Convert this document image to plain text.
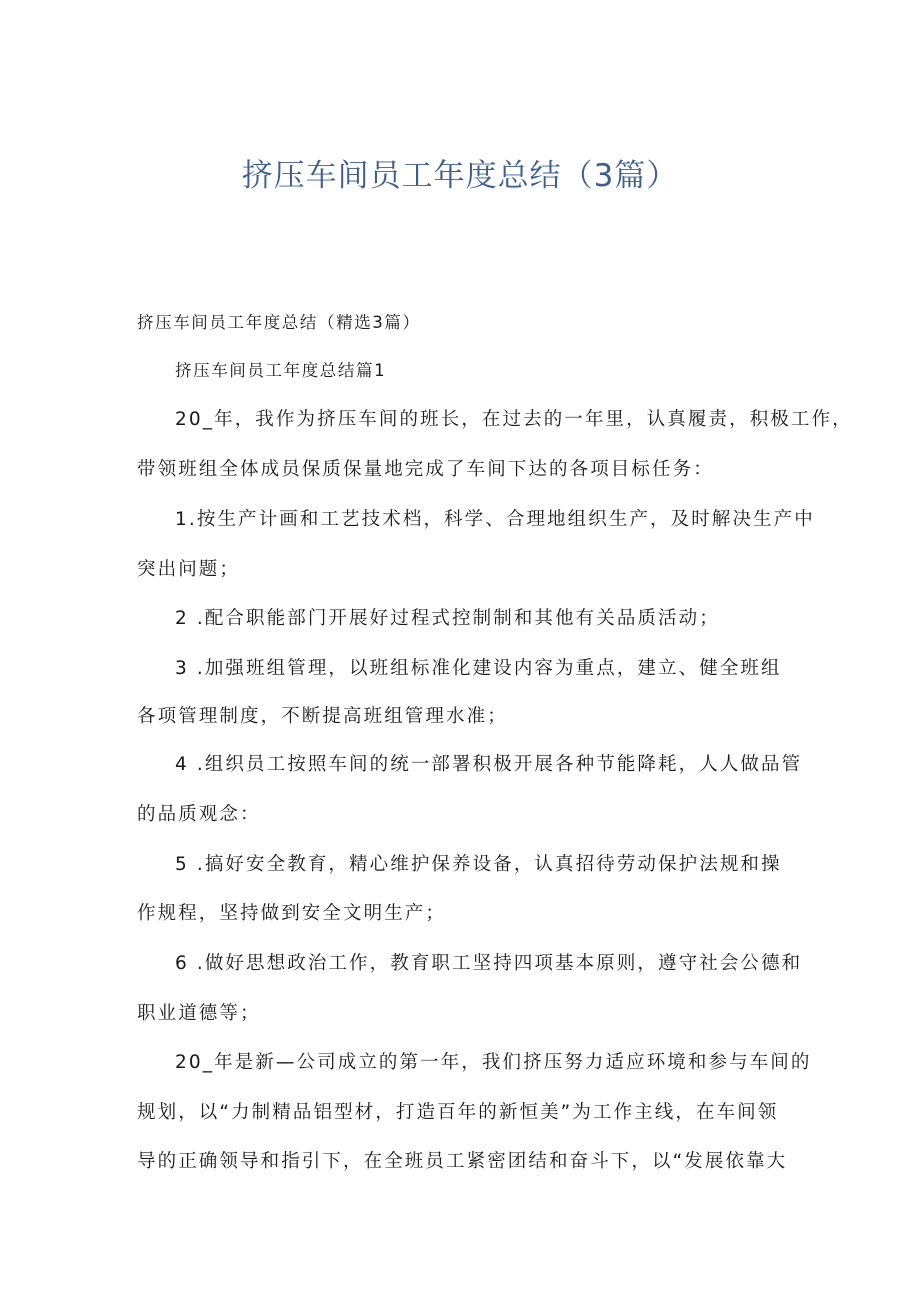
挤压车间员工年度总结（3篇）
挤压车间员工年度总结（精选3篇）
挤压车间员工年度总结篇1
20_年，我作为挤压车间的班长，在过去的一年里，认真履责，积极工作，
带领班组全体成员保质保量地完成了车间下达的各项目标任务：
1.按生产计画和工艺技术档，科学、合理地组织生产，及时解决生产中
突出问题；
2 .配合职能部门开展好过程式控制制和其他有关品质活动；
3 .加强班组管理，以班组标准化建设内容为重点，建立、健全班组
各项管理制度，不断提高班组管理水准；
4 .组织员工按照车间的统一部署积极开展各种节能降耗，人人做品管
的品质观念：
5 .搞好安全教育，精心维护保养设备，认真招待劳动保护法规和操
作规程，坚持做到安全文明生产；
6 .做好思想政治工作，教育职工坚持四项基本原则，遵守社会公德和
职业道德等；
20_年是新—公司成立的第一年，我们挤压努力适应环境和参与车间的
规划，以“力制精品铝型材，打造百年的新恒美”为工作主线，在车间领
导的正确领导和指引下，在全班员工紧密团结和奋斗下，以“发展依靠大
